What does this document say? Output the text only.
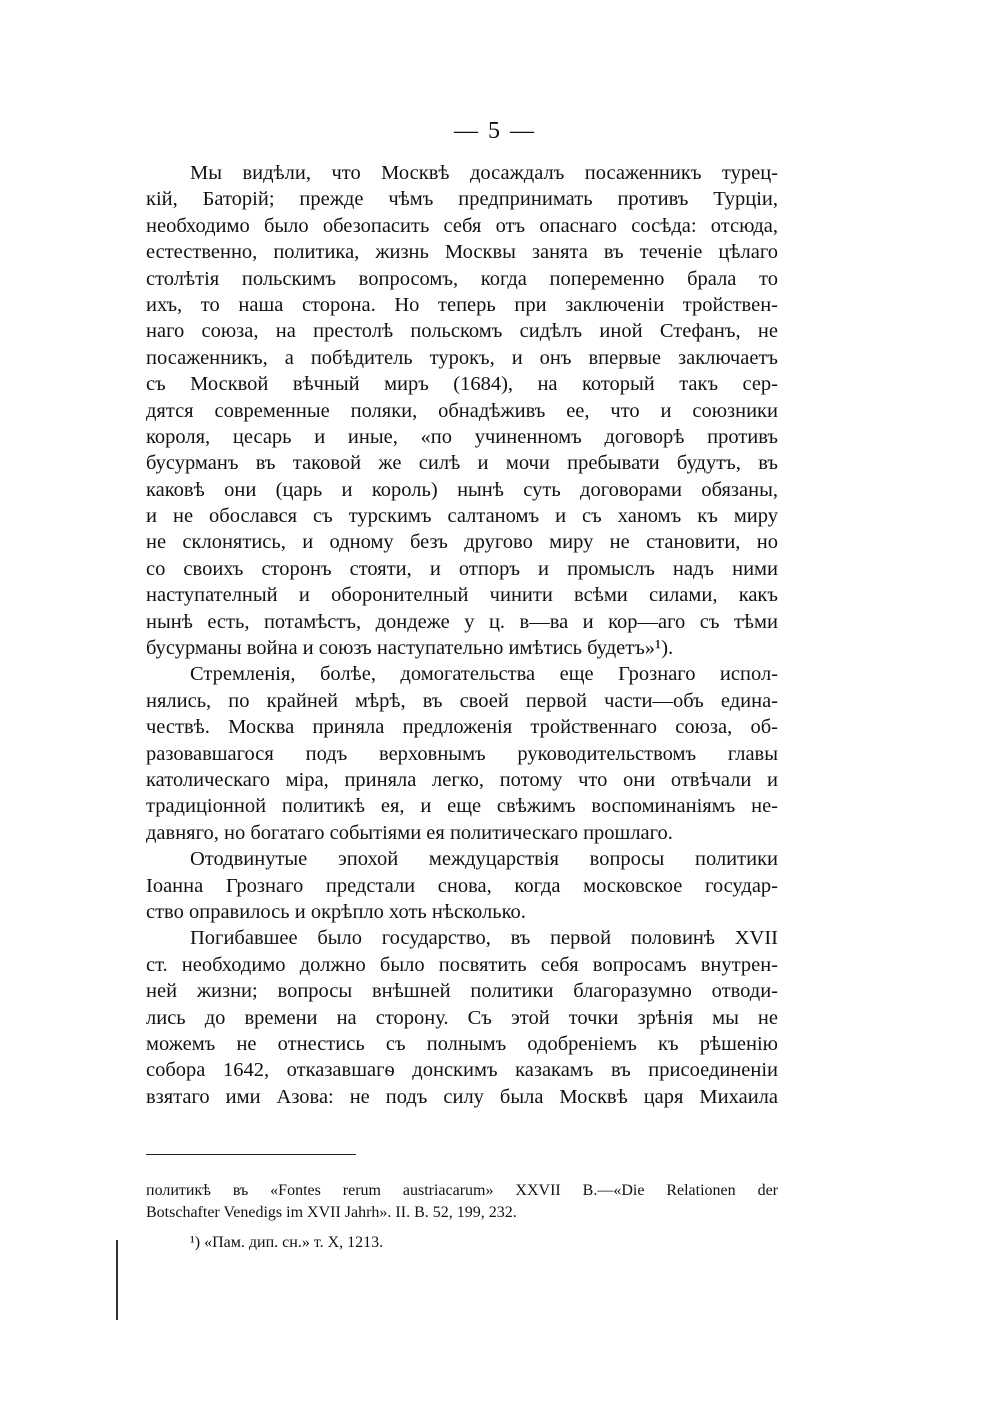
— 5 —
Мы видѣли, что Москвѣ досаждалъ посаженникъ турец-
кій, Баторій; прежде чѣмъ предпринимать противъ Турціи,
необходимо было обезопасить себя отъ опаснаго сосѣда: отсюда,
естественно, политика, жизнь Москвы занята въ теченіе цѣлаго
столѣтія польскимъ вопросомъ, когда попеременно брала то
ихъ, то наша сторона. Но теперь при заключеніи тройствен-
наго союза, на престолѣ польскомъ сидѣлъ иной Стефанъ, не
посаженникъ, а побѣдитель турокъ, и онъ впервые заключаетъ
съ Москвой вѣчный миръ (1684), на который такъ сер-
дятся современные поляки, обнадѣживъ ее, что и союзники
короля, цесарь и иные, «по учиненномъ договорѣ противъ
бусурманъ въ таковой же силѣ и мочи пребывати будутъ, въ
каковѣ они (царь и король) нынѣ суть договорами обязаны,
и не обослався съ турскимъ салтаномъ и съ ханомъ къ миру
не склонятись, и одному безъ другово миру не становити, но
со своихъ сторонъ стояти, и отпоръ и промыслъ надъ ними
наступателный и оборонителный чинити всѣми силами, какъ
нынѣ есть, потамѣстъ, дондеже у ц. в—ва и кор—аго съ тѣми
бусурманы война и союзъ наступательно имѣтись будетъ»¹).
Стремленія, болѣе, домогательства еще Грознаго испол-
нялись, по крайней мѣрѣ, въ своей первой части—объ едина-
чествѣ. Москва приняла предложенія тройственнаго союза, об-
разовавшагося подъ верховнымъ руководительствомъ главы
католическаго міра, приняла легко, потому что они отвѣчали и
традиціонной политикѣ ея, и еще свѣжимъ воспоминаніямъ не-
давняго, но богатаго событіями ея политическаго прошлаго.
Отодвинутые эпохой междуцарствія вопросы политики
Іоанна Грознаго предстали снова, когда московское государ-
ство оправилось и окрѣпло хоть нѣсколько.
Погибавшее было государство, въ первой половинѣ XVII
ст. необходимо должно было посвятить себя вопросамъ внутрен-
ней жизни; вопросы внѣшней политики благоразумно отводи-
лись до времени на сторону. Съ этой точки зрѣнія мы не
можемъ не отнестись съ полнымъ одобреніемъ къ рѣшенію
собора 1642, отказавшагѳ донскимъ казакамъ въ присоединеніи
взятаго ими Азова: не подъ силу была Москвѣ царя Михаила
политикѣ въ «Fontes rerum austriacarum» XXVII B.—«Die Relationen der
Botschafter Venedigs im XVII Jahrh». II. B. 52, 199, 232.
¹) «Пам. дип. сн.» т. X, 1213.
